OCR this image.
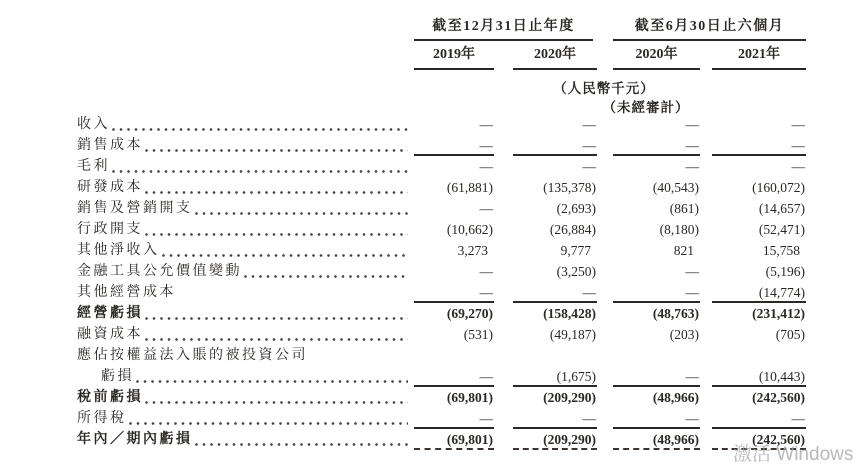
截至12月31日止年度	截至6月30日止六個月
2019年	2020年	2020年	2021年
（人民幣千元）
（未經審計）
收入	—	—	—	—
銷售成本	—	—	—	—
毛利	—	—	—	—
研發成本	(61,881)	(135,378)	(40,543)	(160,072)
銷售及營銷開支	—	(2,693)	(861)	(14,657)
行政開支	(10,662)	(26,884)	(8,180)	(52,471)
其他淨收入	3,273	9,777	821	15,758
金融工具公允價值變動	—	(3,250)	—	(5,196)
其他經營成本	—	—	—	(14,774)
經營虧損	(69,270)	(158,428)	(48,763)	(231,412)
融資成本	(531)	(49,187)	(203)	(705)
應佔按權益法入賬的被投資公司
虧損	—	(1,675)	—	(10,443)
稅前虧損	(69,801)	(209,290)	(48,966)	(242,560)
所得稅	—	—	—	—
年內／期內虧損	(69,801)	(209,290)	(48,966)	(242,560)
激活 Windows
